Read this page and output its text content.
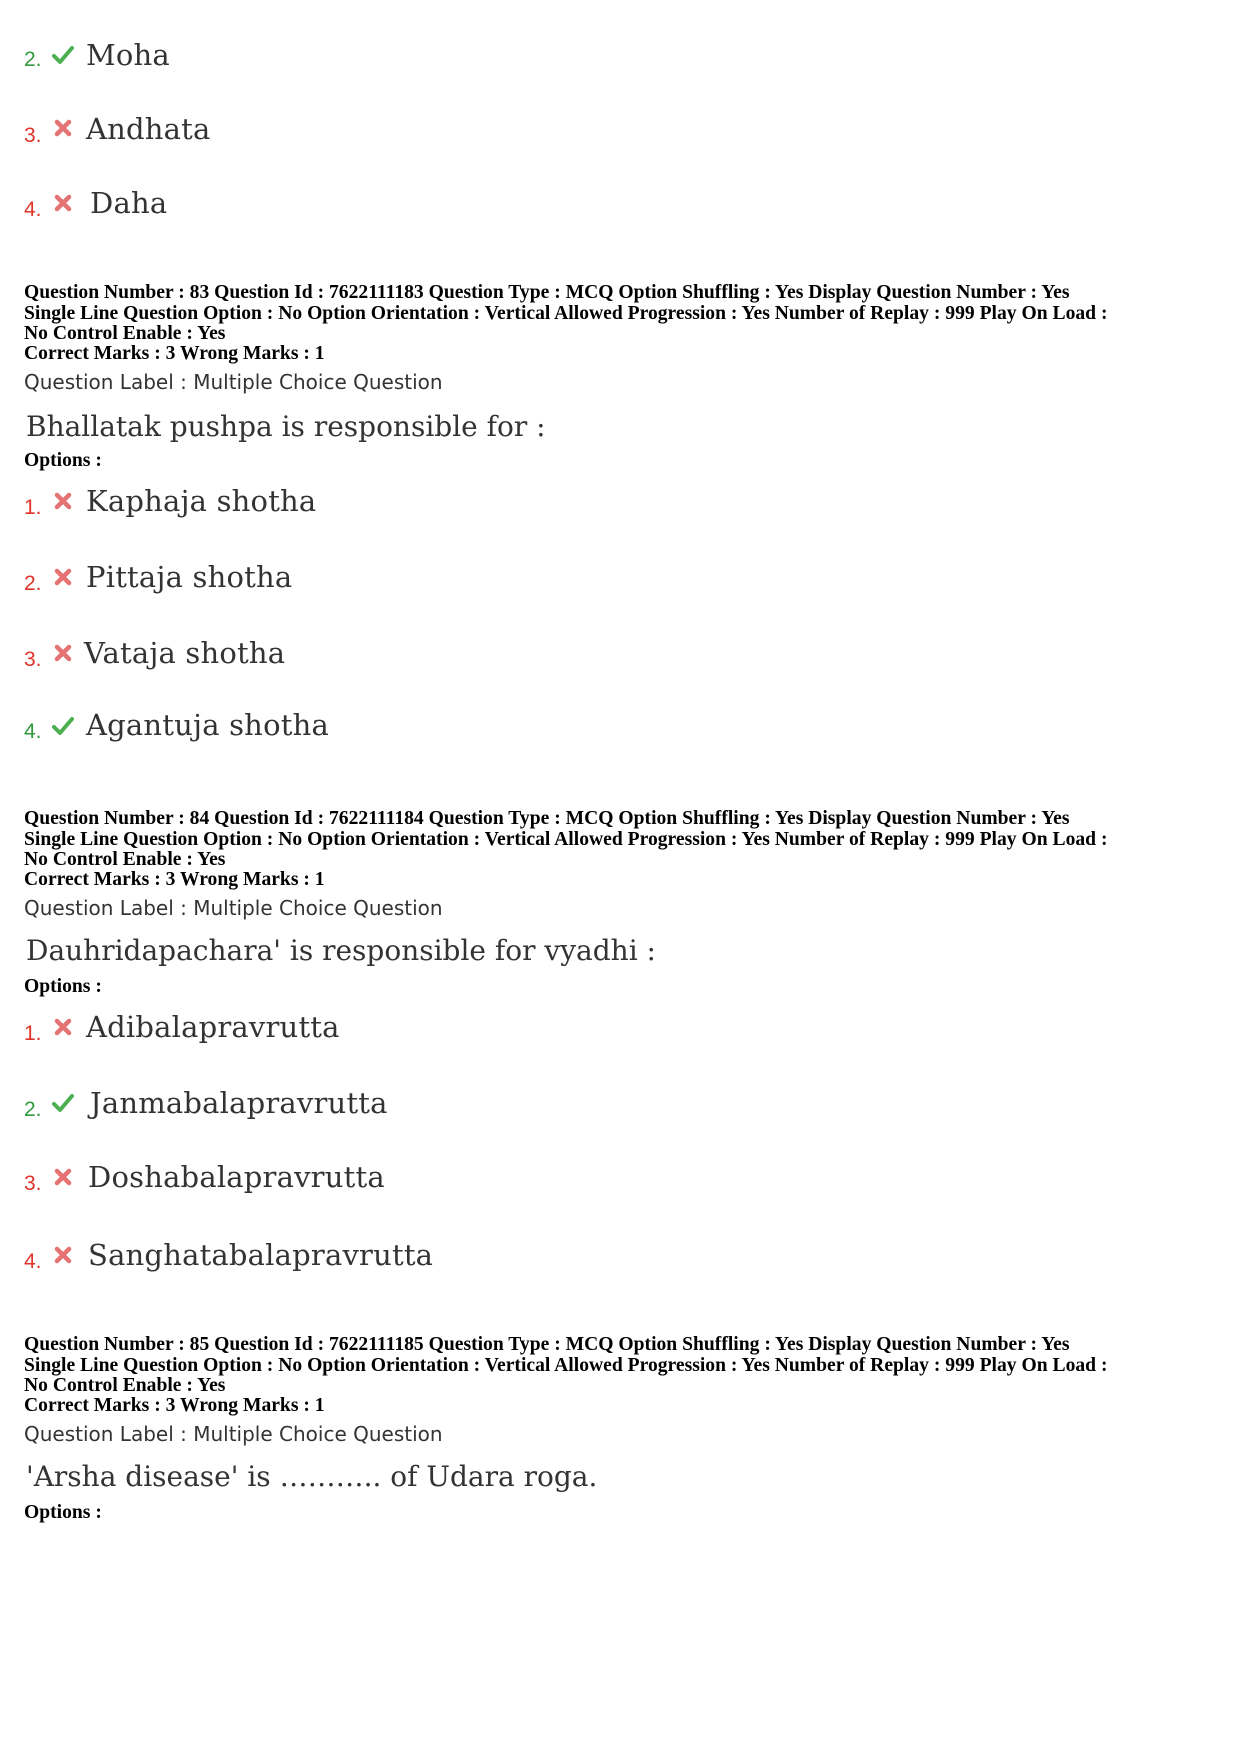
2. Moha
3. Andhata
4. Daha
Question Number : 83 Question Id : 7622111183 Question Type : MCQ Option Shuffling : Yes Display Question Number : Yes
Single Line Question Option : No Option Orientation : Vertical Allowed Progression : Yes Number of Replay : 999 Play On Load :
No Control Enable : Yes
Correct Marks : 3 Wrong Marks : 1
Question Label : Multiple Choice Question
Bhallatak pushpa is responsible for :
Options :
1. Kaphaja shotha
2. Pittaja shotha
3. Vataja shotha
4. Agantuja shotha
Question Number : 84 Question Id : 7622111184 Question Type : MCQ Option Shuffling : Yes Display Question Number : Yes
Single Line Question Option : No Option Orientation : Vertical Allowed Progression : Yes Number of Replay : 999 Play On Load :
No Control Enable : Yes
Correct Marks : 3 Wrong Marks : 1
Question Label : Multiple Choice Question
Dauhridapachara' is responsible for vyadhi :
Options :
1. Adibalapravrutta
2. Janmabalapravrutta
3. Doshabalapravrutta
4. Sanghatabalapravrutta
Question Number : 85 Question Id : 7622111185 Question Type : MCQ Option Shuffling : Yes Display Question Number : Yes
Single Line Question Option : No Option Orientation : Vertical Allowed Progression : Yes Number of Replay : 999 Play On Load :
No Control Enable : Yes
Correct Marks : 3 Wrong Marks : 1
Question Label : Multiple Choice Question
'Arsha disease' is ……….. of Udara roga.
Options :
